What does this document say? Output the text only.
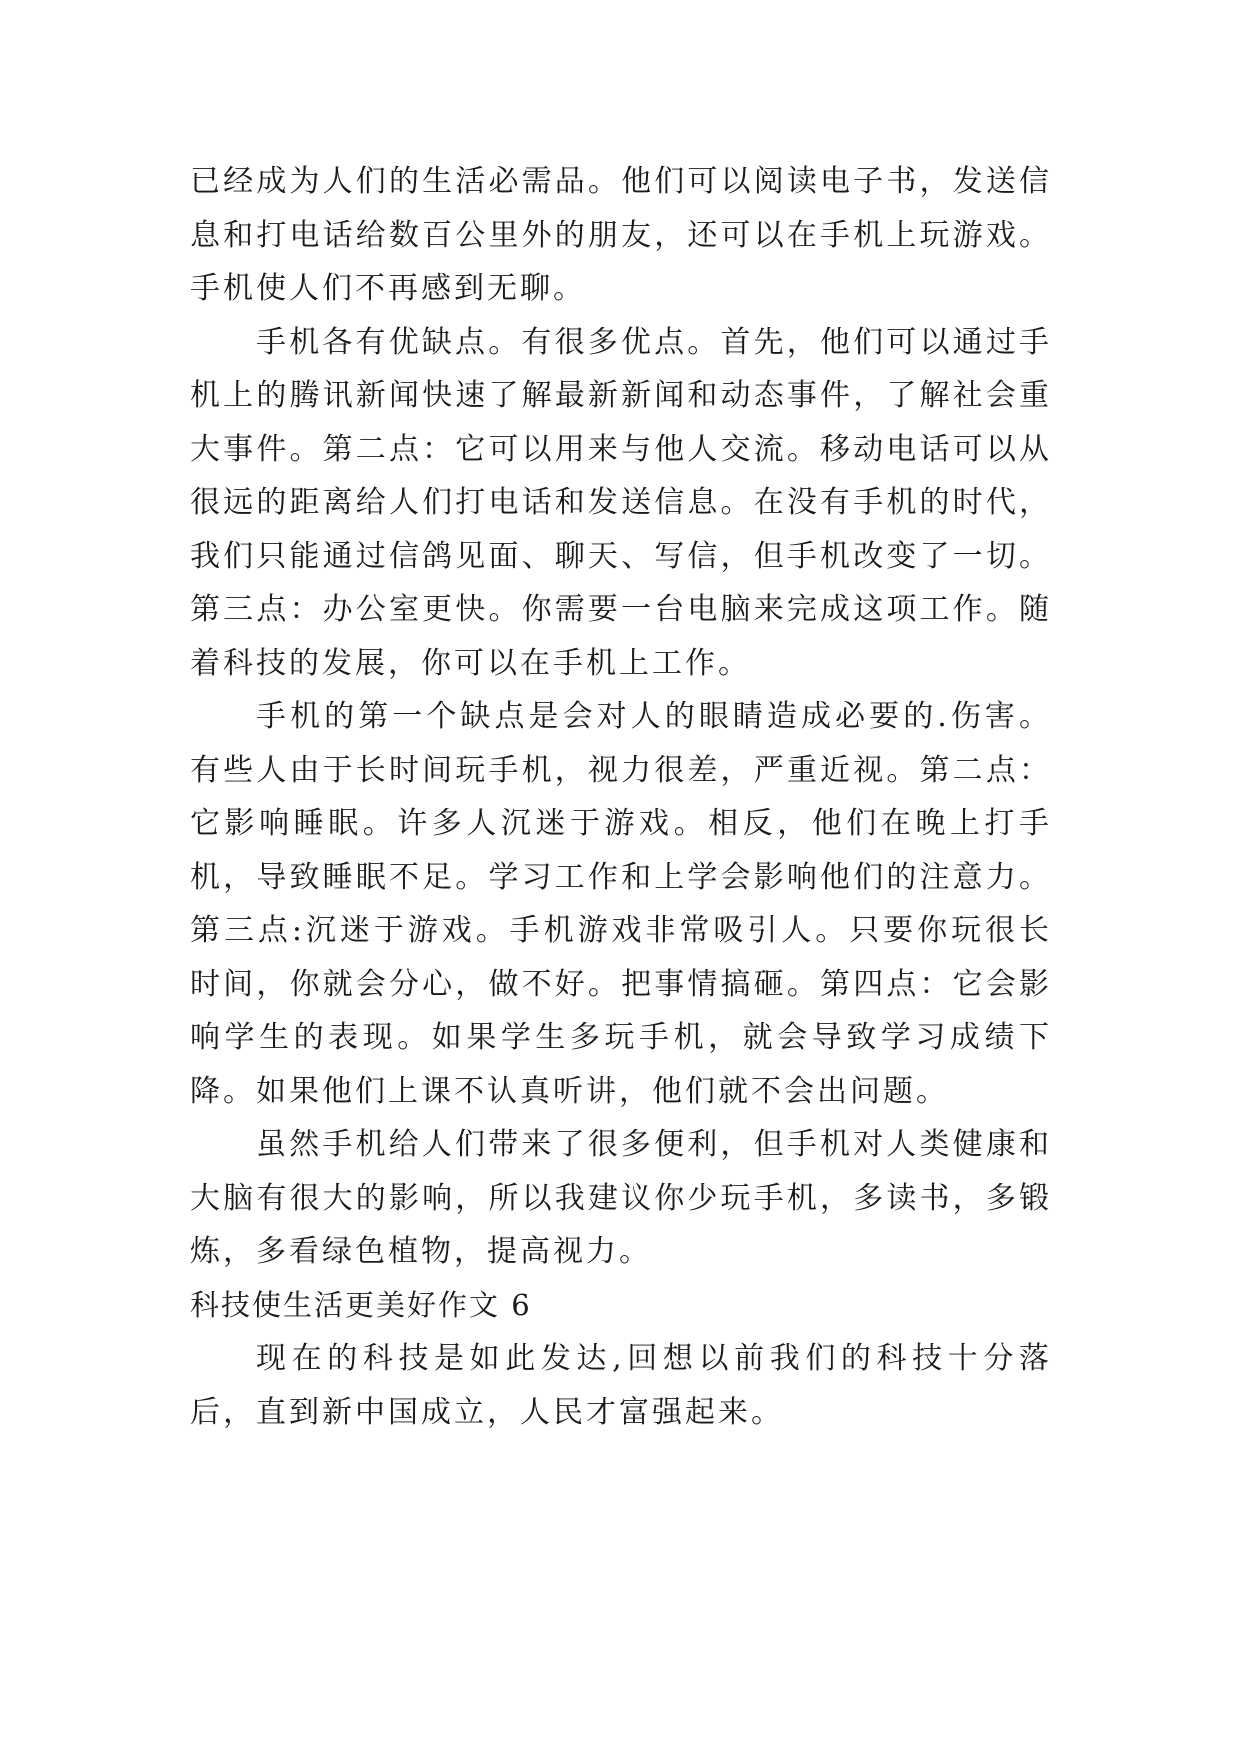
已经成为人们的生活必需品。他们可以阅读电子书，发送信息和打电话给数百公里外的朋友，还可以在手机上玩游戏。手机使人们不再感到无聊。

手机各有优缺点。有很多优点。首先，他们可以通过手机上的腾讯新闻快速了解最新新闻和动态事件，了解社会重大事件。第二点：它可以用来与他人交流。移动电话可以从很远的距离给人们打电话和发送信息。在没有手机的时代，我们只能通过信鸽见面、聊天、写信，但手机改变了一切。第三点：办公室更快。你需要一台电脑来完成这项工作。随着科技的发展，你可以在手机上工作。

手机的第一个缺点是会对人的眼睛造成必要的.伤害。有些人由于长时间玩手机，视力很差，严重近视。第二点：它影响睡眠。许多人沉迷于游戏。相反，他们在晚上打手机，导致睡眠不足。学习工作和上学会影响他们的注意力。第三点:沉迷于游戏。手机游戏非常吸引人。只要你玩很长时间，你就会分心，做不好。把事情搞砸。第四点：它会影响学生的表现。如果学生多玩手机，就会导致学习成绩下降。如果他们上课不认真听讲，他们就不会出问题。

虽然手机给人们带来了很多便利，但手机对人类健康和大脑有很大的影响，所以我建议你少玩手机，多读书，多锻炼，多看绿色植物，提高视力。

科技使生活更美好作文 6

现在的科技是如此发达,回想以前我们的科技十分落后，直到新中国成立，人民才富强起来。
